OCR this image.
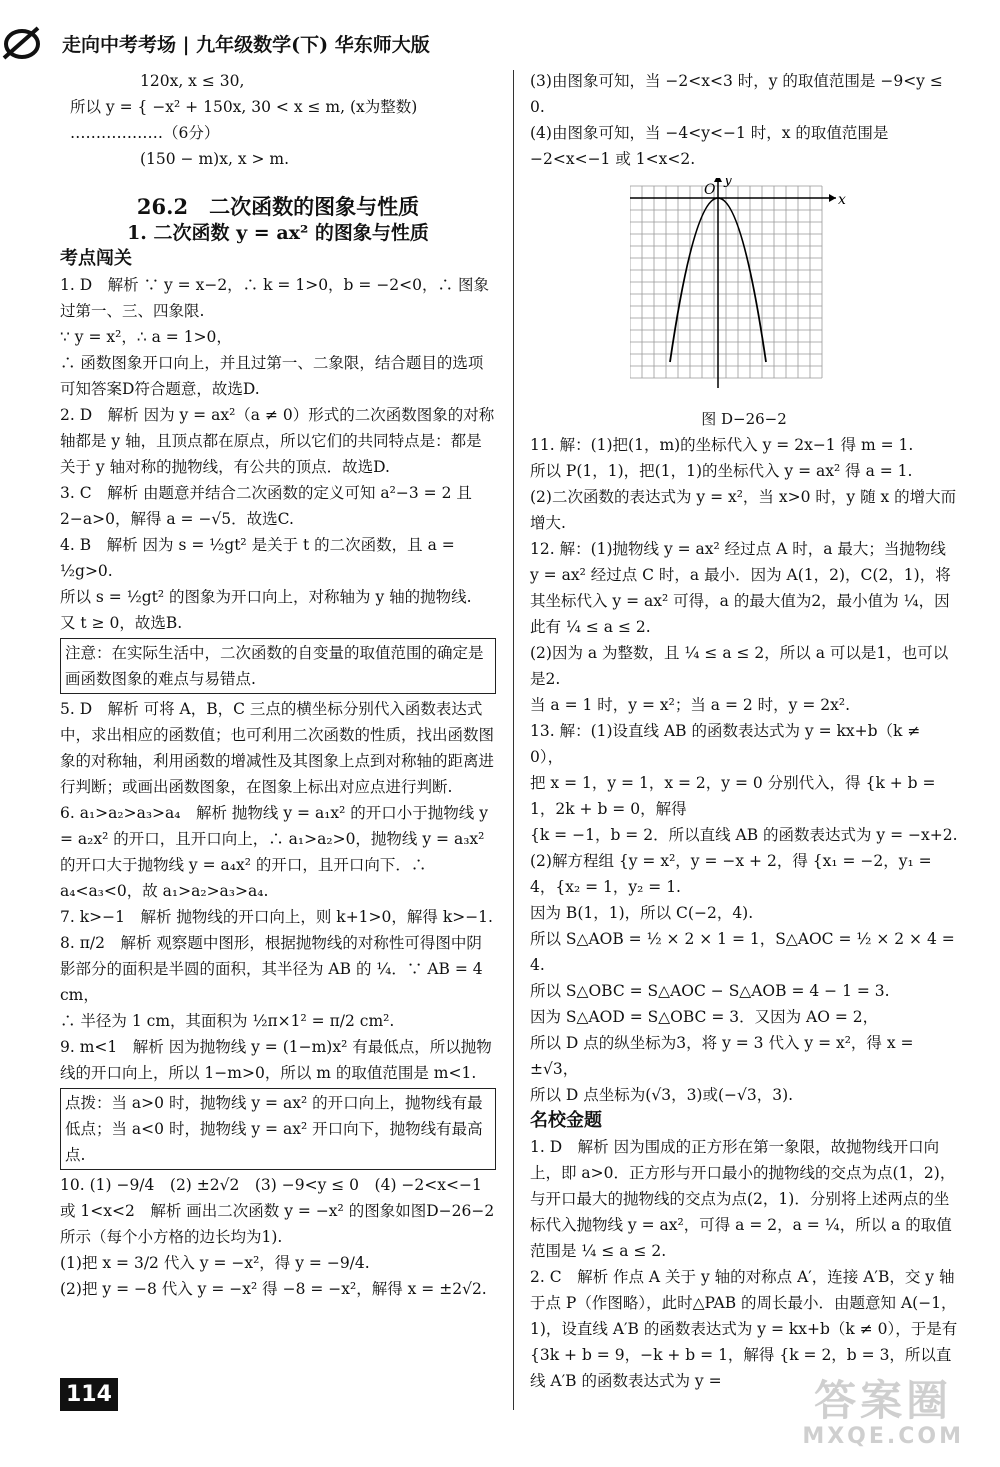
走向中考考场 | 九年级数学(下) 华东师大版

120x, x ≤ 30,

所以 y = { −x² + 150x, 30 < x ≤ m, (x为整数) ………………（6分）

(150 − m)x, x > m.

26.2　二次函数的图象与性质

1. 二次函数 y = ax² 的图象与性质

考点闯关

1. D　解析 ∵ y = x−2，∴ k = 1>0，b = −2<0，∴ 图象过第一、三、四象限.

∵ y = x²，∴ a = 1>0，

∴ 函数图象开口向上，并且过第一、二象限，结合题目的选项可知答案D符合题意，故选D.

2. D　解析 因为 y = ax²（a ≠ 0）形式的二次函数图象的对称轴都是 y 轴，且顶点都在原点，所以它们的共同特点是：都是关于 y 轴对称的抛物线，有公共的顶点．故选D.

3. C　解析 由题意并结合二次函数的定义可知 a²−3 = 2 且 2−a>0，解得 a = −√5．故选C.

4. B　解析 因为 s = ½gt² 是关于 t 的二次函数，且 a = ½g>0.

所以 s = ½gt² 的图象为开口向上，对称轴为 y 轴的抛物线.

又 t ≥ 0，故选B.

注意：在实际生活中，二次函数的自变量的取值范围的确定是画函数图象的难点与易错点.

5. D　解析 可将 A，B，C 三点的横坐标分别代入函数表达式中，求出相应的函数值；也可利用二次函数的性质，找出函数图象的对称轴，利用函数的增减性及其图象上点到对称轴的距离进行判断；或画出函数图象，在图象上标出对应点进行判断.

6. a₁>a₂>a₃>a₄　解析 抛物线 y = a₁x² 的开口小于抛物线 y = a₂x² 的开口，且开口向上，∴ a₁>a₂>0，抛物线 y = a₃x² 的开口大于抛物线 y = a₄x² 的开口，且开口向下．∴ a₄<a₃<0，故 a₁>a₂>a₃>a₄.

7. k>−1　解析 抛物线的开口向上，则 k+1>0，解得 k>−1.

8. π/2　解析 观察题中图形，根据抛物线的对称性可得图中阴影部分的面积是半圆的面积，其半径为 AB 的 ¼．∵ AB = 4 cm，

∴ 半径为 1 cm，其面积为 ½π×1² = π/2 cm².

9. m<1　解析 因为抛物线 y = (1−m)x² 有最低点，所以抛物线的开口向上，所以 1−m>0，所以 m 的取值范围是 m<1.

点拨：当 a>0 时，抛物线 y = ax² 的开口向上，抛物线有最低点；当 a<0 时，抛物线 y = ax² 开口向下，抛物线有最高点.

10. (1) −9/4　(2) ±2√2　(3) −9<y ≤ 0　(4) −2<x<−1 或 1<x<2　解析 画出二次函数 y = −x² 的图象如图D−26−2所示（每个小方格的边长均为1).

(1)把 x = 3/2 代入 y = −x²，得 y = −9/4.

(2)把 y = −8 代入 y = −x² 得 −8 = −x²，解得 x = ±2√2.

(3)由图象可知，当 −2<x<3 时，y 的取值范围是 −9<y ≤ 0.

(4)由图象可知，当 −4<y<−1 时，x 的取值范围是 −2<x<−1 或 1<x<2.

x
y
O

图 D−26−2

11. 解：(1)把(1，m)的坐标代入 y = 2x−1 得 m = 1.

所以 P(1，1)，把(1，1)的坐标代入 y = ax² 得 a = 1.

(2)二次函数的表达式为 y = x²，当 x>0 时，y 随 x 的增大而增大.

12. 解：(1)抛物线 y = ax² 经过点 A 时，a 最大；当抛物线 y = ax² 经过点 C 时，a 最小．因为 A(1，2)，C(2，1)，将其坐标代入 y = ax² 可得，a 的最大值为2，最小值为 ¼，因此有 ¼ ≤ a ≤ 2.

(2)因为 a 为整数，且 ¼ ≤ a ≤ 2，所以 a 可以是1，也可以是2.

当 a = 1 时，y = x²；当 a = 2 时，y = 2x².

13. 解：(1)设直线 AB 的函数表达式为 y = kx+b（k ≠ 0），

把 x = 1，y = 1，x = 2，y = 0 分别代入，得 {k + b = 1，2k + b = 0，解得

{k = −1，b = 2．所以直线 AB 的函数表达式为 y = −x+2.

(2)解方程组 {y = x²，y = −x + 2，得 {x₁ = −2，y₁ = 4，{x₂ = 1，y₂ = 1.

因为 B(1，1)，所以 C(−2，4).

所以 S△AOB = ½ × 2 × 1 = 1，S△AOC = ½ × 2 × 4 = 4.

所以 S△OBC = S△AOC − S△AOB = 4 − 1 = 3.

因为 S△AOD = S△OBC = 3．又因为 AO = 2，

所以 D 点的纵坐标为3，将 y = 3 代入 y = x²，得 x = ±√3，

所以 D 点坐标为(√3，3)或(−√3，3).

名校金题

1. D　解析 因为围成的正方形在第一象限，故抛物线开口向上，即 a>0．正方形与开口最小的抛物线的交点为点(1，2)，与开口最大的抛物线的交点为点(2，1)．分别将上述两点的坐标代入抛物线 y = ax²，可得 a = 2，a = ¼，所以 a 的取值范围是 ¼ ≤ a ≤ 2.

2. C　解析 作点 A 关于 y 轴的对称点 A′，连接 A′B，交 y 轴于点 P（作图略），此时△PAB 的周长最小．由题意知 A(−1，1)，设直线 A′B 的函数表达式为 y = kx+b（k ≠ 0），于是有 {3k + b = 9，−k + b = 1，解得 {k = 2，b = 3，所以直线 A′B 的函数表达式为 y =

114	答案圈
MXQE.COM
